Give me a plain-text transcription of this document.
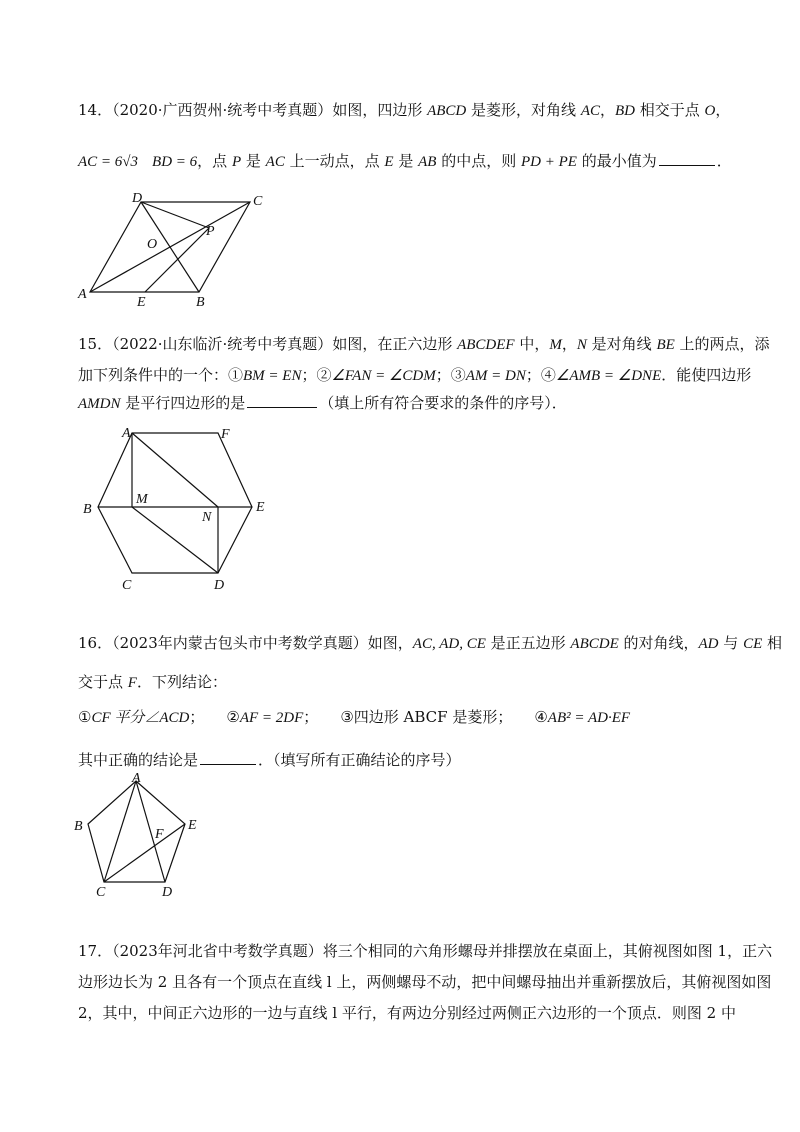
14．（2020·广西贺州·统考中考真题）如图，四边形 ABCD 是菱形，对角线 AC，BD 相交于点 O，
AC = 6√3 BD = 6，点 P 是 AC 上一动点，点 E 是 AB 的中点，则 PD + PE 的最小值为	．
A
B
C
D
O
P
E
15．（2022·山东临沂·统考中考真题）如图，在正六边形 ABCDEF 中，M，N 是对角线 BE 上的两点，添
加下列条件中的一个：①BM = EN；②∠FAN = ∠CDM；③AM = DN；④∠AMB = ∠DNE．能使四边形
AMDN 是平行四边形的是	（填上所有符合要求的条件的序号）．
A
B
C	D
E
F
M
N
16．（2023年内蒙古包头市中考数学真题）如图，AC, AD, CE 是正五边形 ABCDE 的对角线，AD 与 CE 相
交于点 F．下列结论：
①CF 平分∠ACD； ②AF = 2DF； ③四边形 ABCF 是菱形； ④AB² = AD·EF
其中正确的结论是	．（填写所有正确结论的序号）
A
B
C	D
E
F
17．（2023年河北省中考数学真题）将三个相同的六角形螺母并排摆放在桌面上，其俯视图如图 1，正六
边形边长为 2 且各有一个顶点在直线 l 上，两侧螺母不动，把中间螺母抽出并重新摆放后，其俯视图如图
2，其中，中间正六边形的一边与直线 l 平行，有两边分别经过两侧正六边形的一个顶点．则图 2 中
